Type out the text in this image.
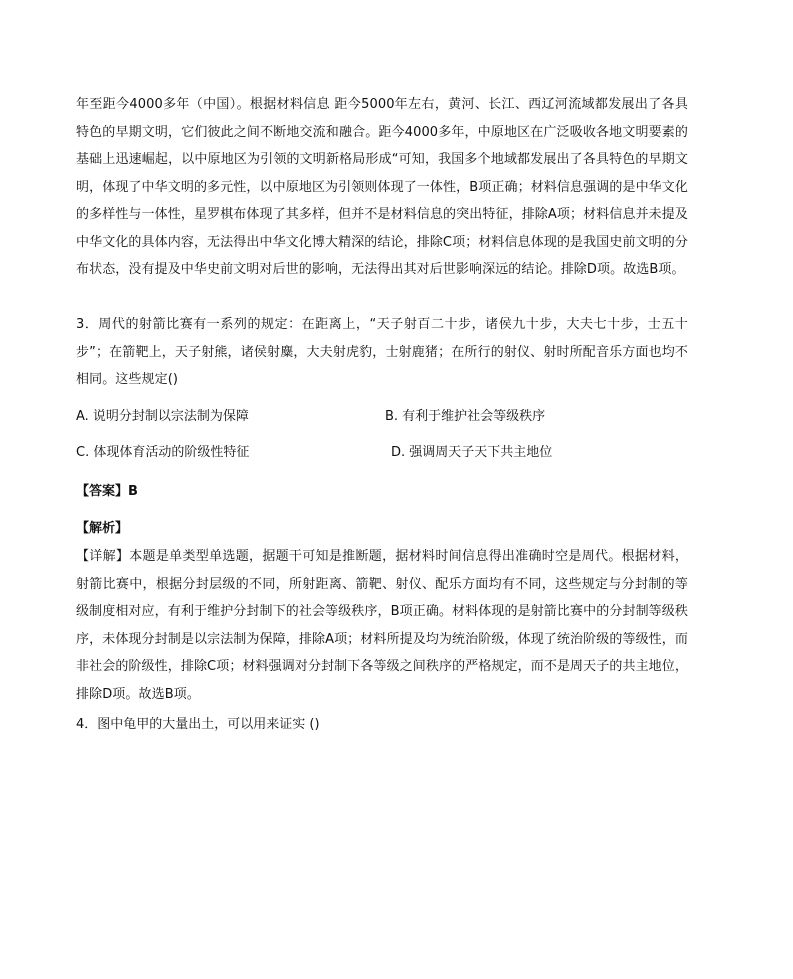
年至距今4000多年（中国）。根据材料信息 距今5000年左右，黄河、长江、西辽河流域都发展出了各具特色的早期文明，它们彼此之间不断地交流和融合。距今4000多年，中原地区在广泛吸收各地文明要素的基础上迅速崛起，以中原地区为引领的文明新格局形成“可知，我国多个地域都发展出了各具特色的早期文明，体现了中华文明的多元性，以中原地区为引领则体现了一体性，B项正确；材料信息强调的是中华文化的多样性与一体性，星罗棋布体现了其多样，但并不是材料信息的突出特征，排除A项；材料信息并未提及中华文化的具体内容，无法得出中华文化博大精深的结论，排除C项；材料信息体现的是我国史前文明的分布状态，没有提及中华史前文明对后世的影响，无法得出其对后世影响深远的结论。排除D项。故选B项。
3．周代的射箭比赛有一系列的规定：在距离上，“天子射百二十步，诸侯九十步，大夫七十步，士五十步”；在箭靶上，天子射熊，诸侯射麋，大夫射虎豹，士射鹿猪；在所行的射仪、射时所配音乐方面也均不相同。这些规定()
A. 说明分封制以宗法制为保障	B. 有利于维护社会等级秩序
C. 体现体育活动的阶级性特征	D. 强调周天子天下共主地位
【答案】B
【解析】
【详解】本题是单类型单选题，据题干可知是推断题，据材料时间信息得出准确时空是周代。根据材料，射箭比赛中，根据分封层级的不同，所射距离、箭靶、射仪、配乐方面均有不同，这些规定与分封制的等级制度相对应，有利于维护分封制下的社会等级秩序，B项正确。材料体现的是射箭比赛中的分封制等级秩序，未体现分封制是以宗法制为保障，排除A项；材料所提及均为统治阶级，体现了统治阶级的等级性，而非社会的阶级性，排除C项；材料强调对分封制下各等级之间秩序的严格规定，而不是周天子的共主地位，排除D项。故选B项。
4．图中龟甲的大量出土，可以用来证实 ()
